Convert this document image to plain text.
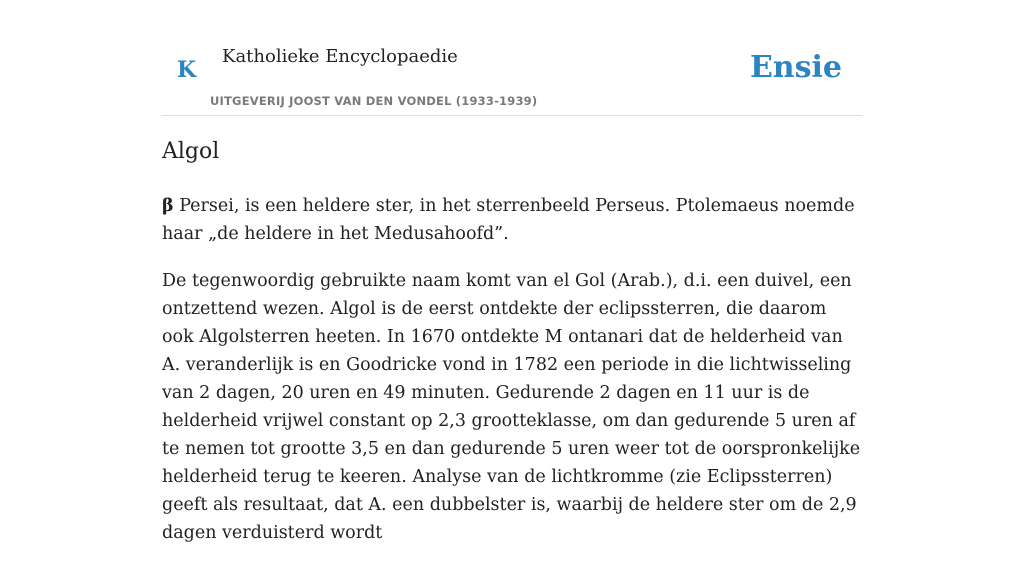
K
Katholieke Encyclopaedie
UITGEVERIJ JOOST VAN DEN VONDEL (1933-1939)
Ensie
Algol

β Persei, is een heldere ster, in het sterrenbeeld Perseus. Ptolemaeus noemde haar „de heldere in het Medusahoofd”.

De tegenwoordig gebruikte naam komt van el Gol (Arab.), d.i. een duivel, een ontzettend wezen. Algol is de eerst ontdekte der eclipssterren, die daarom ook Algolsterren heeten. In 1670 ontdekte M ontanari dat de helderheid van A. veranderlijk is en Goodricke vond in 1782 een periode in die lichtwisseling van 2 dagen, 20 uren en 49 minuten. Gedurende 2 dagen en 11 uur is de helderheid vrijwel constant op 2,3 grootteklasse, om dan gedurende 5 uren af te nemen tot grootte 3,5 en dan gedurende 5 uren weer tot de oorspronkelijke helderheid terug te keeren. Analyse van de lichtkromme (zie Eclipssterren) geeft als resultaat, dat A. een dubbelster is, waarbij de heldere ster om de 2,9 dagen verduisterd wordt
